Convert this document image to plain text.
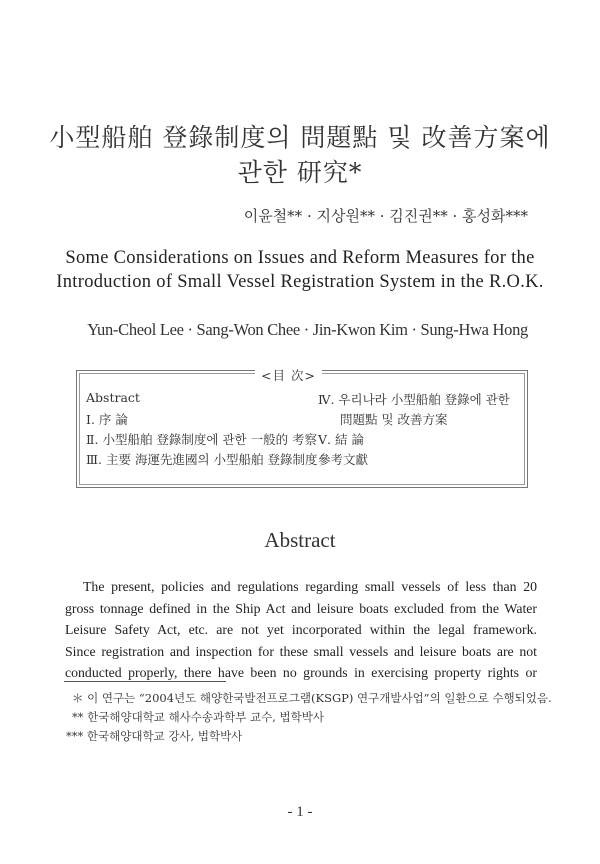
小型船舶 登錄制度의 問題點 및 改善方案에
관한 研究*
이윤철** · 지상원** · 김진권** · 홍성화***
Some Considerations on Issues and Reform Measures for the
Introduction of Small Vessel Registration System in the R.O.K.
Yun-Cheol Lee · Sang-Won Chee · Jin-Kwon Kim · Sung-Hwa Hong
<目 次>
Abstract
Ⅰ. 序 論
Ⅱ. 小型船舶 登錄制度에 관한 一般的 考察
Ⅲ. 主要 海運先進國의 小型船舶 登錄制度
Ⅳ. 우리나라 小型船舶 登錄에 관한
問題點 및 改善方案
Ⅴ. 結 論
參考文獻
Abstract
The present, policies and regulations regarding small vessels of less than 20
gross tonnage defined in the Ship Act and leisure boats excluded from the Water
Leisure Safety Act, etc. are not yet incorporated within the legal framework.
Since registration and inspection for these small vessels and leisure boats are not
conducted properly, there have been no grounds in exercising property rights or
＊ 이 연구는 “2004년도 해양한국발전프로그램(KSGP) 연구개발사업”의 일환으로 수행되었음.
** 한국해양대학교 해사수송과학부 교수, 법학박사
*** 한국해양대학교 강사, 법학박사
- 1 -
